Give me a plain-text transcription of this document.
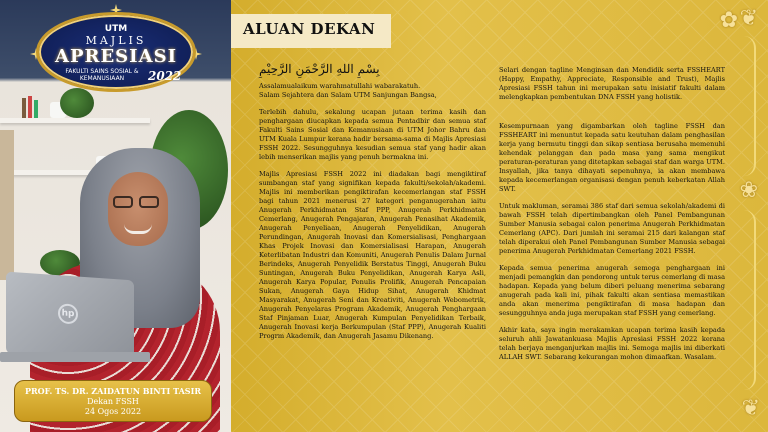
hp
UTM
MAJLIS
APRESIASI
FAKULTI SAINS SOSIAL & KEMANUSIAAN	2022
PROF. TS. DR. ZAIDATUN BINTI TASIR
Dekan FSSH
24 Ogos 2022
ALUAN DEKAN	❦
✿
❀
❦
بِسْمِ اللهِ الرَّحْمَنِ الرَّحِيْمِ
Assalamualaikum warahmatullahi wabarakatuh.
Salam Sejahtera dan Salam UTM Sanjungan Bangsa,

Terlebih dahulu, sekalung ucapan jutaan terima kasih dan penghargaan diucapkan kepada semua Pentadbir dan semua staf Fakulti Sains Sosial dan Kemanusiaan di UTM Johor Bahru dan UTM Kuala Lumpur kerana hadir bersama-sama di Majlis Apresiasi FSSH 2022. Sesungguhnya kesudian semua staf yang hadir akan lebih menserikan majlis yang penuh bermakna ini.

Majlis Apresiasi FSSH 2022 ini diadakan bagi mengiktiraf sumbangan staf yang signifikan kepada fakulti/sekolah/akademi. Majlis ini memberikan pengiktirafan kecemerlangan staf FSSH bagi tahun 2021 menerusi 27 kategori penganugerahan iaitu Anugerah Perkhidmatan Staf PPP, Anugerah Perkhidmatan Cemerlang, Anugerah Pengajaran, Anugerah Penasihat Akademik, Anugerah Penyeliaan, Anugerah Penyelidikan, Anugerah Perundingan, Anugerah Inovasi dan Komersialisasi, Penghargaan Khas Projek Inovasi dan Komersialisasi Harapan, Anugerah Keterlibatan Industri dan Komuniti, Anugerah Penulis Dalam Jurnal Berindeks, Anugerah Penyelidik Berstatus Tinggi, Anugerah Buku Suntingan, Anugerah Buku Penyelidikan, Anugerah Karya Asli, Anugerah Karya Popular, Penulis Prolifik, Anugerah Pencapaian Sukan, Anugerah Gaya Hidup Sihat, Anugerah Khidmat Masyarakat, Anugerah Seni dan Kreativiti, Anugerah Webometrik, Anugerah Penyelaras Program Akademik, Anugerah Penghargaan Staf Pinjaman Luar, Anugerah Kumpulan Penyelidikan Terbaik, Anugerah Inovasi kerja Berkumpulan (Staf PPP), Anugerah Kualiti Progrm Akademik, dan Anugerah Jasamu Dikenang.

Selari dengan tagline Menginsan dan Mendidik serta FSSHEART (Happy, Empathy, Appreciate, Responsible and Trust), Majlis Apresiasi FSSH tahun ini merupakan satu inisiatif fakulti dalam melengkapkan pembentukan DNA FSSH yang holistik.

Kesempurnaan yang digambarkan oleh tagline FSSH dan FSSHEART ini menuntut kepada satu keutuhan dalam penghasilan kerja yang bermutu tinggi dan sikap sentiasa berusaha memenuhi kehendak pelanggan dan pada masa yang sama mengikut peraturan-peraturan yang ditetapkan sebagai staf dan warga UTM. Insyallah, jika tanya dihayati sepenuhnya, ia akan membawa kepada kecemerlangan organisasi dengan penuh keberkatan Allah SWT.

Untuk makluman, seramai 386 staf dari semua sekolah/akademi di bawah FSSH telah dipertimbangkan oleh Panel Pembangunan Sumber Manusia sebagai calon penerima Anugerah Perkhidmatan Cemerlang (APC). Dari jumlah ini seramai 215 dari kalangan staf telah diperakui oleh Panel Pembangunan Sumber Manusia sebagai penerima Anugerah Perkhidmatan Cemerlang 2021 FSSH.

Kepada semua penerima anugerah semoga penghargaan ini menjadi pemangkin dan pendorong untuk terus cemerlang di masa hadapan. Kepada yang belum diberi peluang menerima sebarang anugerah pada kali ini, pihak fakulti akan sentiasa memastikan anda akan menerima pengiktirafan di masa hadapan dan sesungguhnya anda juga merupakan staf FSSH yang cemerlang.

Akhir kata, saya ingin merakamkan ucapan terima kasih kepada seluruh ahli Jawatankuasa Majlis Apresiasi FSSH 2022 kerana telah berjaya menganjurkan majlis ini. Semoga majlis ini diberkati ALLAH SWT. Sebarang kekurangan mohon dimaafkan. Wasalam.
